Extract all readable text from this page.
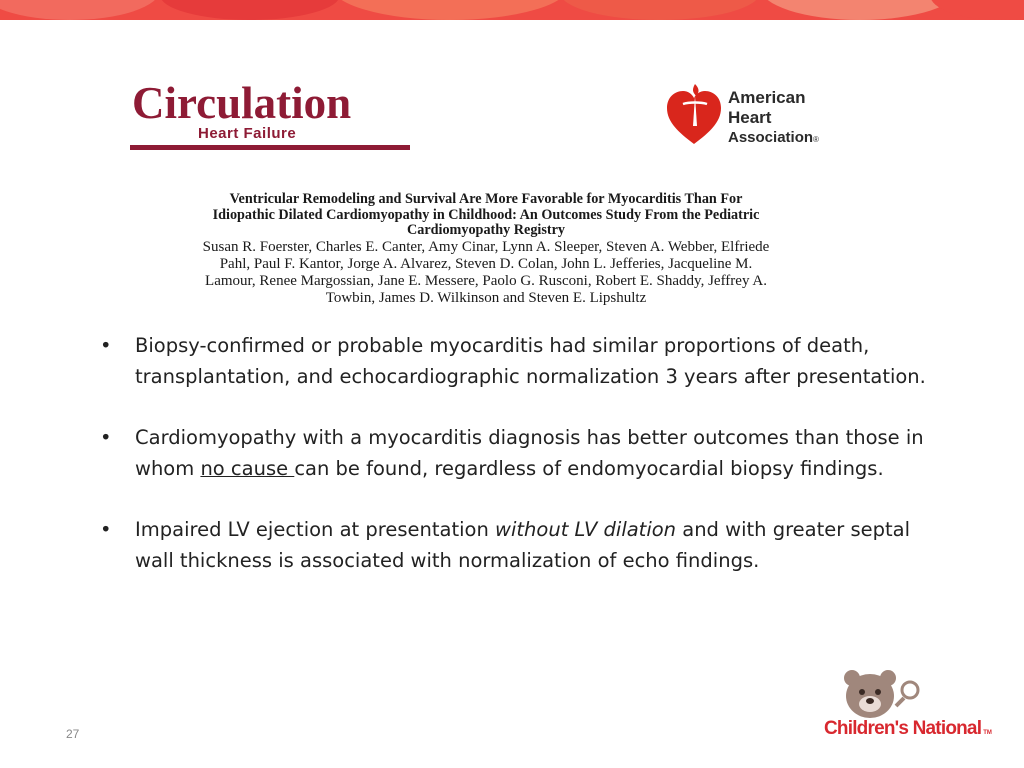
Circulation
Heart Failure
American
Heart
Association®
Ventricular Remodeling and Survival Are More Favorable for Myocarditis Than For
Idiopathic Dilated Cardiomyopathy in Childhood: An Outcomes Study From the Pediatric
Cardiomyopathy Registry
Susan R. Foerster, Charles E. Canter, Amy Cinar, Lynn A. Sleeper, Steven A. Webber, Elfriede
Pahl, Paul F. Kantor, Jorge A. Alvarez, Steven D. Colan, John L. Jefferies, Jacqueline M.
Lamour, Renee Margossian, Jane E. Messere, Paolo G. Rusconi, Robert E. Shaddy, Jeffrey A.
Towbin, James D. Wilkinson and Steven E. Lipshultz
• Biopsy-confirmed or probable myocarditis had similar proportions of death, transplantation, and echocardiographic normalization 3 years after presentation.
• Cardiomyopathy with a myocarditis diagnosis has better outcomes than those in whom no cause can be found, regardless of endomyocardial biopsy findings.
• Impaired LV ejection at presentation without LV dilation and with greater septal wall thickness is associated with normalization of echo findings.
27	Children's National TM
